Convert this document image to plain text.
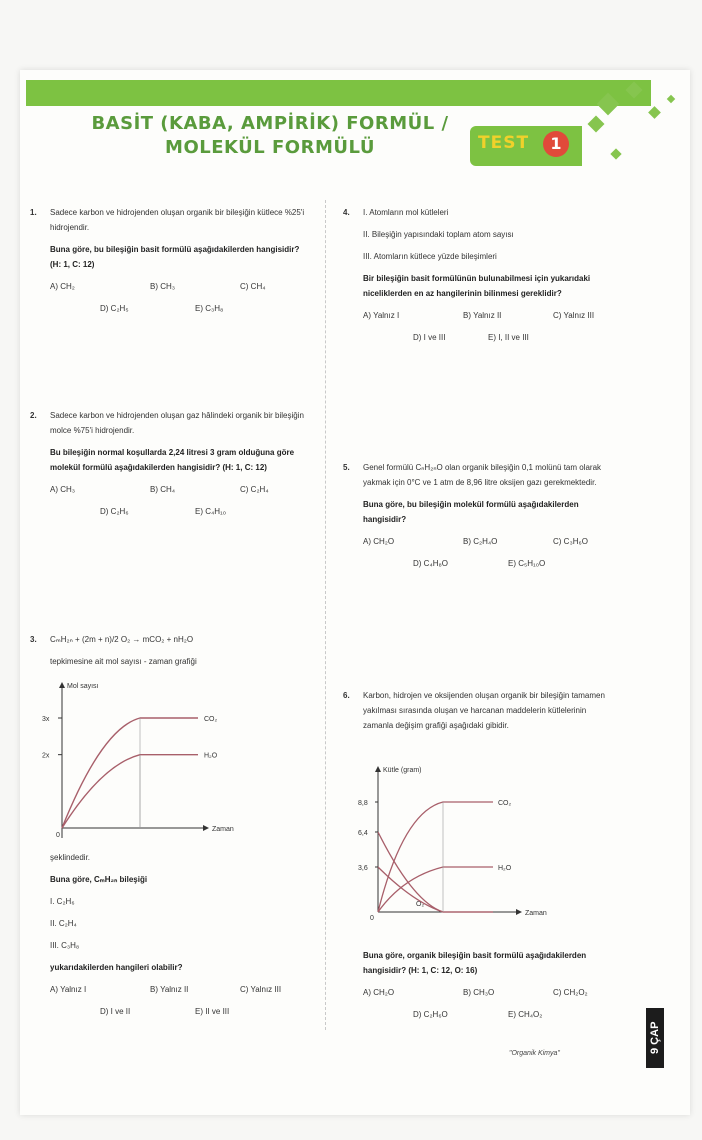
BASİT (KABA, AMPİRİK) FORMÜL /
MOLEKÜL FORMÜLÜ	TEST	1
1. Sadece karbon ve hidrojenden oluşan organik bir bileşiğin kütlece %25'i hidrojendir.

Buna göre, bu bileşiğin basit formülü aşağıdakilerden hangisidir? (H: 1, C: 12)

A) CH₂	B) CH₃	C) CH₄
D) C₂H₅	E) C₃H₈
2. Sadece karbon ve hidrojenden oluşan gaz hâlindeki organik bir bileşiğin molce %75'i hidrojendir.

Bu bileşiğin normal koşullarda 2,24 litresi 3 gram olduğuna göre molekül formülü aşağıdakilerden hangisidir? (H: 1, C: 12)

A) CH₃	B) CH₄	C) C₂H₄
D) C₂H₆	E) C₄H₁₀
3. CₘH₂ₙ + (2m + n)/2 O₂ → mCO₂ + nH₂O

tepkimesine ait mol sayısı - zaman grafiği

Mol sayısı
Zaman
0
CO₂
3x
H₂O
2x

şeklindedir.

Buna göre, CₘH₂ₙ bileşiği

I. C₂H₆

II. C₂H₄

III. C₃H₈

yukarıdakilerden hangileri olabilir?

A) Yalnız I	B) Yalnız II	C) Yalnız III
D) I ve II	E) II ve III
4. I. Atomların mol kütleleri

II. Bileşiğin yapısındaki toplam atom sayısı

III. Atomların kütlece yüzde bileşimleri

Bir bileşiğin basit formülünün bulunabilmesi için yukarıdaki niceliklerden en az hangilerinin bilinmesi gereklidir?

A) Yalnız I	B) Yalnız II	C) Yalnız III
D) I ve III	E) I, II ve III
5. Genel formülü CₙH₂ₙO olan organik bileşiğin 0,1 molünü tam olarak yakmak için 0°C ve 1 atm de 8,96 litre oksijen gazı gerekmektedir.

Buna göre, bu bileşiğin molekül formülü aşağıdakilerden hangisidir?

A) CH₂O	B) C₂H₄O	C) C₃H₆O
D) C₄H₈O	E) C₅H₁₀O
6. Karbon, hidrojen ve oksijenden oluşan organik bir bileşiğin tamamen yakılması sırasında oluşan ve harcanan maddelerin kütlelerinin zamanla değişim grafiği aşağıdaki gibidir.

Kütle (gram)
Zaman
0
CO₂
H₂O
O₂
8,8
6,4
3,6

Buna göre, organik bileşiğin basit formülü aşağıdakilerden hangisidir? (H: 1, C: 12, O: 16)

A) CH₂O	B) CH₃O	C) CH₂O₂
D) C₂H₆O	E) CH₄O₂
"Organik Kimya"	9 ÇAP
